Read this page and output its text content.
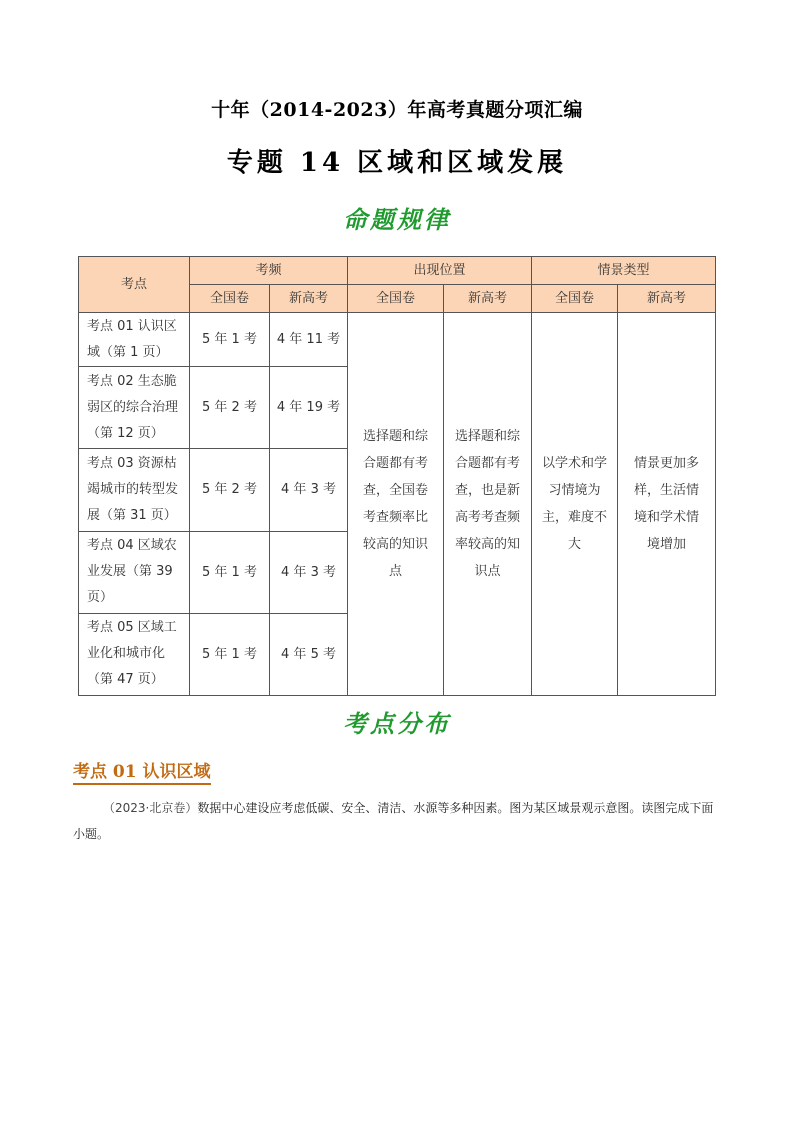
十年（2014-2023）年高考真题分项汇编
专题 14 区域和区域发展
命题规律
考点	考频		出现位置		情景类型	
	全国卷	新高考	全国卷	新高考	全国卷	新高考
考点 01 认识区域（第 1 页）	5 年 1 考	4 年 11 考	选择题和综合题都有考查，全国卷考查频率比较高的知识点	选择题和综合题都有考查，也是新高考考查频率较高的知识点	以学术和学习情境为主，难度不大	情景更加多样，生活情境和学术情境增加
考点 02 生态脆弱区的综合治理（第 12 页）	5 年 2 考	4 年 19 考				
考点 03 资源枯竭城市的转型发展（第 31 页）	5 年 2 考	4 年 3 考				
考点 04 区域农业发展（第 39 页）	5 年 1 考	4 年 3 考				
考点 05 区域工业化和城市化（第 47 页）	5 年 1 考	4 年 5 考				
考点分布
考点 01 认识区域
（2023·北京卷）数据中心建设应考虑低碳、安全、清洁、水源等多种因素。图为某区域景观示意图。读图完成下面小题。
